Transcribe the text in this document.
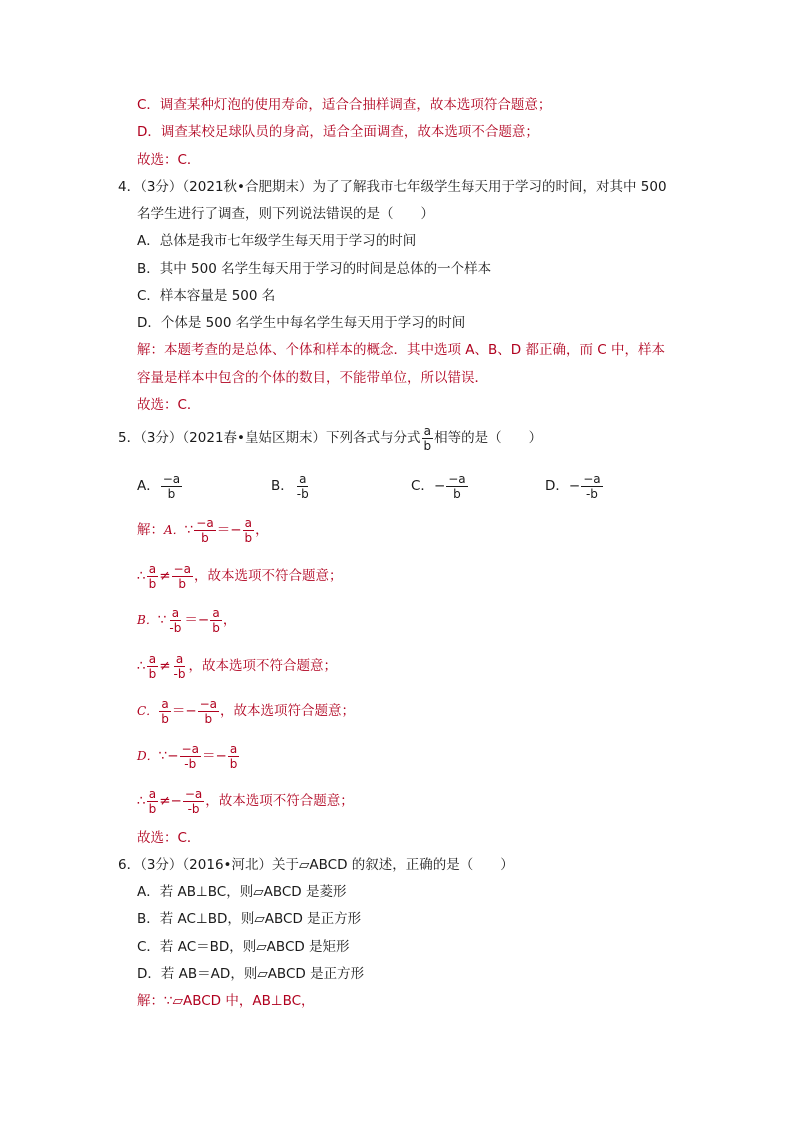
C．调查某种灯泡的使用寿命，适合合抽样调查，故本选项符合题意；
D．调查某校足球队员的身高，适合全面调查，故本选项不合题意；
故选：C．
4．（3分）（2021秋•合肥期末）为了了解我市七年级学生每天用于学习的时间，对其中 500
名学生进行了调查，则下列说法错误的是（　　）
A．总体是我市七年级学生每天用于学习的时间
B．其中 500 名学生每天用于学习的时间是总体的一个样本
C．样本容量是 500 名
D．个体是 500 名学生中每名学生每天用于学习的时间
解：本题考查的是总体、个体和样本的概念．其中选项 A、B、D 都正确，而 C 中，样本
容量是样本中包含的个体的数目，不能带单位，所以错误．
故选：C．
5．（3分）（2021春•皇姑区期末）下列各式与分式 $\frac{a}{b}$ 相等的是（　　）
A． $\frac{-a}{b}$	B． $\frac{a}{-b}$	C． − $\frac{-a}{b}$	D． − $\frac{-a}{-b}$
解： A． ∵ $\frac{-a}{b}$ ＝ − $\frac{a}{b}$ ，
∴ $\frac{a}{b} \ne \frac{-a}{b}$ ，故本选项不符合题意；
B． ∵ $\frac{a}{-b}$ ＝ − $\frac{a}{b}$ ，
∴ $\frac{a}{b} \ne \frac{a}{-b}$ ，故本选项不符合题意；
C． $\frac{a}{b}$ ＝ − $\frac{-a}{b}$ ，故本选项符合题意；
D． ∵ − $\frac{-a}{-b}$ ＝ − $\frac{a}{b}$
∴ $\frac{a}{b}$ ≠ − $\frac{-a}{-b}$ ，故本选项不符合题意；
故选：C．
6．（3分）（2016•河北）关于▱ABCD 的叙述，正确的是（　　）
A．若 AB⊥BC，则▱ABCD 是菱形
B．若 AC⊥BD，则▱ABCD 是正方形
C．若 AC＝BD，则▱ABCD 是矩形
D．若 AB＝AD，则▱ABCD 是正方形
解：∵▱ABCD 中，AB⊥BC，
